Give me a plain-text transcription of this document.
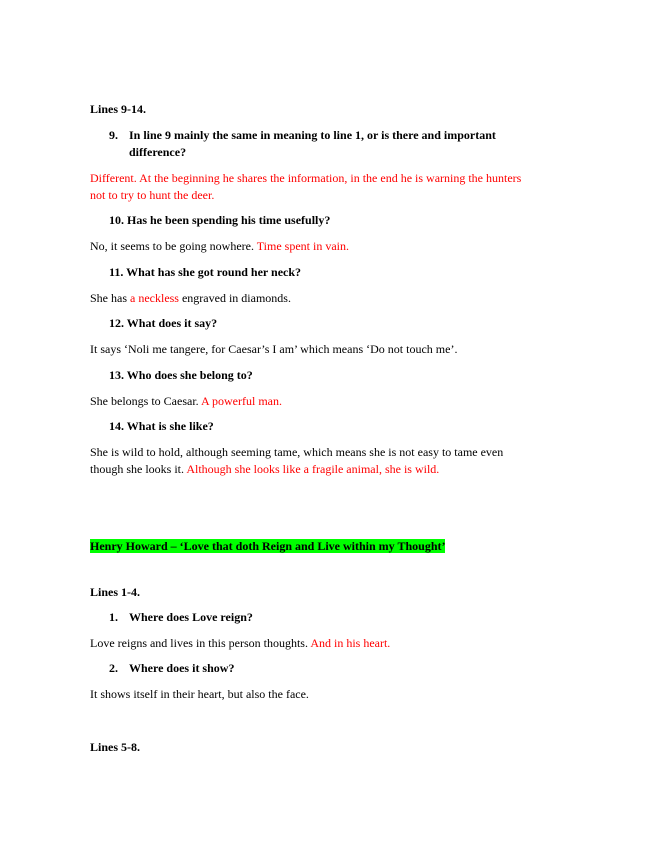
Lines 9-14.
9. In line 9 mainly the same in meaning to line 1, or is there and important
difference?
Different. At the beginning he shares the information, in the end he is warning the hunters
not to try to hunt the deer.
10. Has he been spending his time usefully?
No, it seems to be going nowhere. Time spent in vain.
11. What has she got round her neck?
She has a neckless engraved in diamonds.
12. What does it say?
It says ‘Noli me tangere, for Caesar’s I am’ which means ‘Do not touch me’.
13. Who does she belong to?
She belongs to Caesar. A powerful man.
14. What is she like?
She is wild to hold, although seeming tame, which means she is not easy to tame even
though she looks it. Although she looks like a fragile animal, she is wild.
Henry Howard – ‘Love that doth Reign and Live within my Thought’
Lines 1-4.
1. Where does Love reign?
Love reigns and lives in this person thoughts. And in his heart.
2. Where does it show?
It shows itself in their heart, but also the face.
Lines 5-8.
